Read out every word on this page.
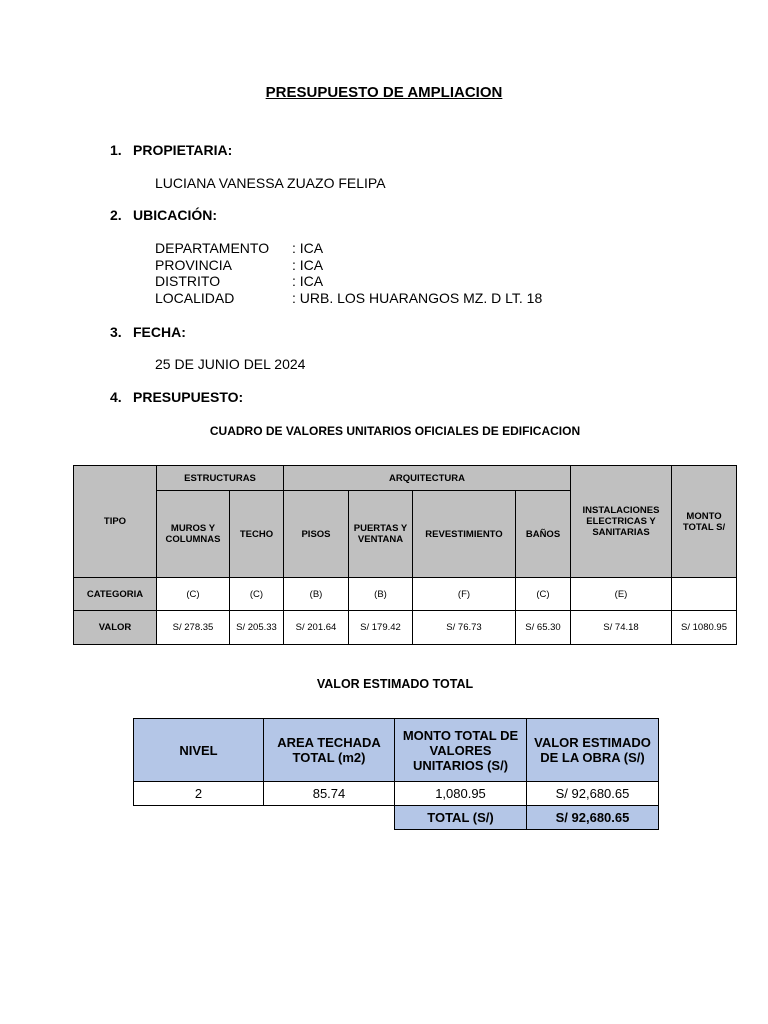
PRESUPUESTO DE AMPLIACION
1. PROPIETARIA:
LUCIANA VANESSA ZUAZO FELIPA
2. UBICACIÓN:
DEPARTAMENTO : ICA
PROVINCIA	: ICA
DISTRITO	: ICA
LOCALIDAD	: URB. LOS HUARANGOS MZ. D LT. 18
3. FECHA:
25 DE JUNIO DEL 2024
4. PRESUPUESTO:
CUADRO DE VALORES UNITARIOS OFICIALES DE EDIFICACION
TIPO	ESTRUCTURAS		ARQUITECTURA				INSTALACIONES ELECTRICAS Y SANITARIAS	MONTO TOTAL S/
	MUROS Y COLUMNAS	TECHO	PISOS	PUERTAS Y VENTANA	REVESTIMIENTO	BAÑOS		
CATEGORIA	(C)	(C)	(B)	(B)	(F)	(C)	(E)	
VALOR	S/ 278.35	S/ 205.33	S/ 201.64	S/ 179.42	S/ 76.73	S/ 65.30	S/ 74.18	S/ 1080.95
VALOR ESTIMADO TOTAL
NIVEL	AREA TECHADA TOTAL (m2)	MONTO TOTAL DE VALORES UNITARIOS (S/)	VALOR ESTIMADO DE LA OBRA (S/)
2	85.74	1,080.95	S/ 92,680.65
		TOTAL (S/)	S/ 92,680.65
